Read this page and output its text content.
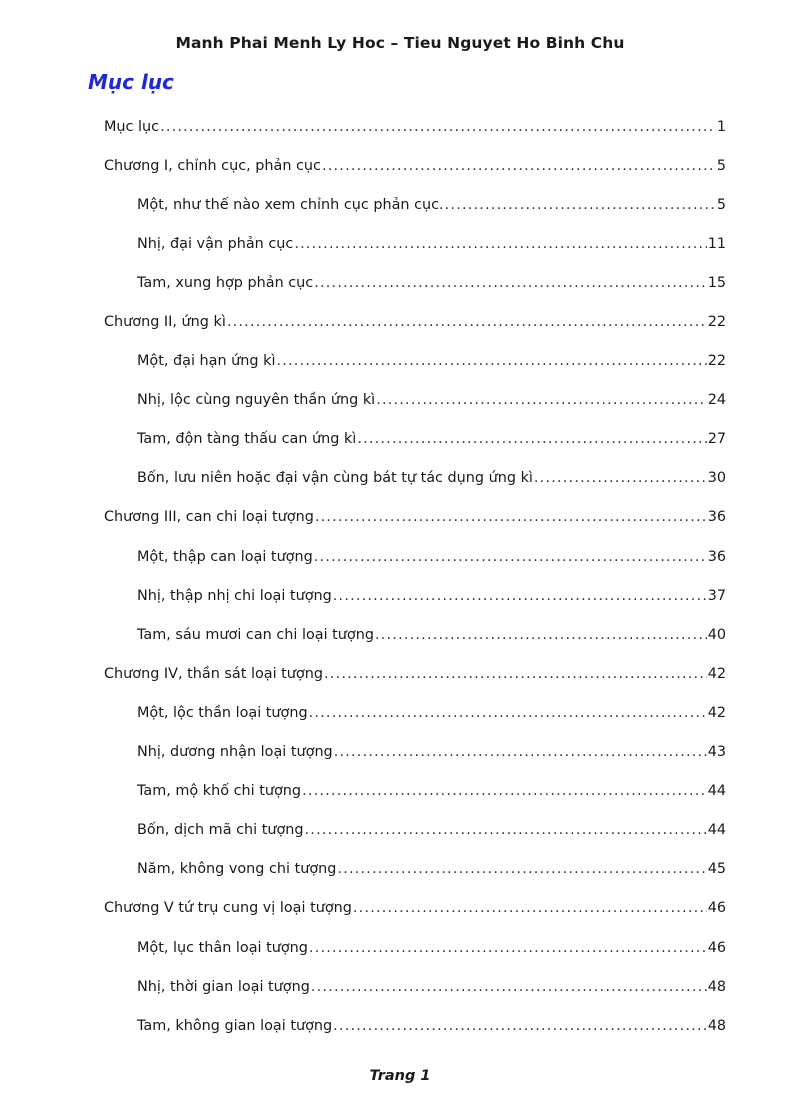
Manh Phai Menh Ly Hoc – Tieu Nguyet Ho Binh Chu
Mục lục
Mục lục .....	1
Chương I, chỉnh cục, phản cục .....	5
Một, như thế nào xem chỉnh cục phản cục. .....	5
Nhị, đại vận phản cục .....	11
Tam, xung hợp phản cục .....	15
Chương II, ứng kì .....	22
Một, đại hạn ứng kì .....	22
Nhị, lộc cùng nguyên thần ứng kì .....	24
Tam, độn tàng thấu can ứng kì .....	27
Bốn, lưu niên hoặc đại vận cùng bát tự tác dụng ứng kì .....	30
Chương III, can chi loại tượng .....	36
Một, thập can loại tượng .....	36
Nhị, thập nhị chi loại tượng .....	37
Tam, sáu mươi can chi loại tượng .....	40
Chương IV, thần sát loại tượng .....	42
Một, lộc thần loại tượng .....	42
Nhị, dương nhận loại tượng .....	43
Tam, mộ khố chi tượng .....	44
Bốn, dịch mã chi tượng .....	44
Năm, không vong chi tượng .....	45
Chương V tứ trụ cung vị loại tượng .....	46
Một, lục thân loại tượng .....	46
Nhị, thời gian loại tượng .....	48
Tam, không gian loại tượng .....	48
Trang 1
